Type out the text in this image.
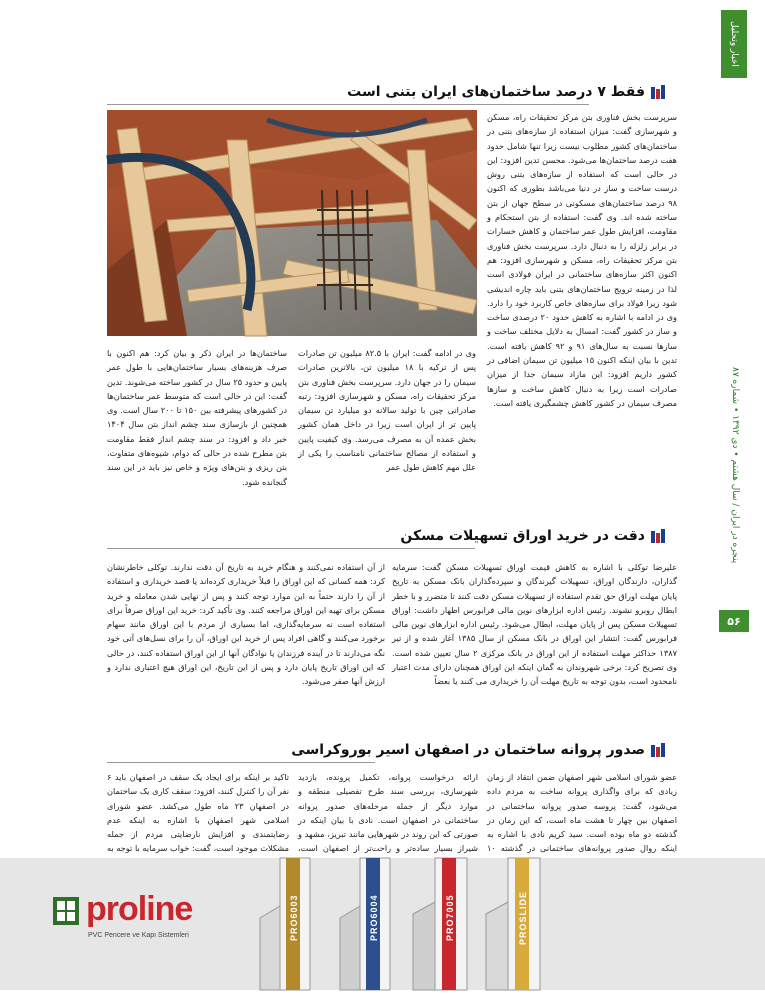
اخبار وتحلیل
پنجره در ایران / سال هشتم • دی ۱۳۹۲ • شماره ۸۷
۵۶
فقط ۷ درصد ساختمان‌های ایران بتنی است
سرپرست بخش فناوری بتن مرکز تحقیقات راه، مسکن و شهرسازی گفت: میزان استفاده از سازه‌های بتنی در ساختمان‌های کشور مطلوب نیست زیرا تنها شامل حدود هفت درصد ساختمان‌ها می‌شود. محسن تدین افزود: این در حالی است که استفاده از سازه‌های بتنی روش درست ساخت و ساز در دنیا می‌باشد بطوری که اکنون ۹۸ درصد ساختمان‌های مسکونی در سطح جهان از بتن ساخته شده اند. وی گفت: استفاده از بتن استحکام و مقاومت، افزایش طول عمر ساختمان و کاهش خسارات در برابر زلزله را به دنبال دارد. سرپرست بخش فناوری بتن مرکز تحقیقات راه، مسکن و شهرسازی افزود: هم اکنون اکثر سازه‌های ساختمانی در ایران فولادی است لذا در زمینه ترویج ساختمان‌های بتنی باید چاره اندیشی شود زیرا فولاد برای سازه‌های خاص کاربرد خود را دارد. وی در ادامه با اشاره به کاهش حدود ۲۰ درصدی ساخت و ساز در کشور گفت: امسال به دلایل مختلف ساخت و سازها نسبت به سال‌های ۹۱ و ۹۲ کاهش یافته است. تدین با بیان اینکه اکنون ۱۵ میلیون تن سیمان اضافی در کشور داریم افزود: این مازاد سیمان جدا از میزان صادرات است زیرا به دنبال کاهش ساخت و سازها مصرف سیمان در کشور کاهش چشمگیری یافته است.
وی در ادامه گفت: ایران با ۸۲.۵ میلیون تن صادرات پس از ترکیه با ۱۸ میلیون تن، بالاترین صادرات سیمان را در جهان دارد. سرپرست بخش فناوری بتن مرکز تحقیقات راه، مسکن و شهرسازی افزود: رتبه صادراتی چین با تولید سالانه دو میلیارد تن سیمان پایین تر از ایران است زیرا در داخل همان کشور بخش عمده آن به مصرف می‌رسد. وی کیفیت پایین و استفاده از مصالح ساختمانی نامناسب را یکی از علل مهم کاهش طول عمر
ساختمان‌ها در ایران ذکر و بیان کرد: هم اکنون با صرف هزینه‌های بسیار ساختمان‌هایی با طول عمر پایین و حدود ۲۵ سال در کشور ساخته می‌شوند. تدین گفت: این در حالی است که متوسط عمر ساختمان‌ها در کشورهای پیشرفته بین ۱۵۰ تا ۲۰۰ سال است. وی همچنین از بازسازی سند چشم انداز بتن سال ۱۴۰۴ خبر داد و افزود: در سند چشم انداز فقط مقاومت بتن مطرح شده در حالی که دوام، شیوه‌های متفاوت، بتن ریزی و بتن‌های ویژه و خاص نیز باید در این سند گنجانده شود.
دقت در خرید اوراق تسهیلات مسکن
علیرضا توکلی با اشاره به کاهش قیمت اوراق تسهیلات مسکن گفت: سرمایه گذاران، دارندگان اوراق، تسهیلات گیرندگان و سپرده‌گذاران بانک مسکن به تاریخ پایان مهلت اوراق حق تقدم استفاده از تسهیلات مسکن دقت کنند تا متضرر و با خطر ابطال روبرو نشوند. رئیس اداره ابزارهای نوین مالی فرابورس اظهار داشت: اوراق تسهیلات مسکن پس از پایان مهلت، ابطال می‌شود. رئیس اداره ابزارهای نوین مالی فرابورس گفت: انتشار این اوراق در بانک مسکن از سال ۱۳۸۵ آغاز شده و از تیر ۱۳۸۷ حداکثر مهلت استفاده از این اوراق در بانک مرکزی ۲ سال تعیین شده است. وی تصریح کرد: برخی شهروندان به گمان اینکه این اوراق همچنان دارای مدت اعتبار نامحدود است، بدون توجه به تاریخ مهلت آن را خریداری می کنند یا بعضاً
از آن استفاده نمی‌کنند و هنگام خرید به تاریخ آن دقت ندارند. توکلی خاطرنشان کرد: همه کسانی که این اوراق را قبلاً خریداری کرده‌اند یا قصد خریداری و استفاده از آن را دارند حتماً به این موارد توجه کنند و پس از نهایی شدن معامله و خرید مسکن برای تهیه این اوراق مراجعه کنند. وی تأکید کرد: خرید این اوراق صرفاً برای استفاده است نه سرمایه‌گذاری، اما بسیاری از مردم با این اوراق مانند سهام برخورد می‌کنند و گاهی افراد پس از خرید این اوراق، آن را برای نسل‌های آتی خود نگه می‌دارند تا در آینده فرزندان یا نوادگان آنها از این اوراق استفاده کنند، در حالی که این اوراق تاریخ پایان دارد و پس از این تاریخ، این اوراق هیچ اعتباری ندارد و ارزش آنها صفر می‌شود.
صدور پروانه ساختمان در اصفهان اسیر بوروکراسی
عضو شورای اسلامی شهر اصفهان ضمن انتقاد از زمان زیادی که برای واگذاری پروانه ساخت به مردم داده می‌شود، گفت: پروسه صدور پروانه ساختمانی در اصفهان بین چهار تا هشت ماه است، که این زمان در گذشته دو ماه بوده است. سید کریم نادی با اشاره به اینکه روال صدور پروانه‌های ساختمانی در گذشته ۱۰
ارائه درخواست پروانه، تکمیل پرونده، بازدید شهرسازی، بررسی سند طرح تفصیلی منطقه و موارد دیگر از جمله مرحله‌های صدور پروانه ساختمانی در اصفهان است. نادی با بیان اینکه در صورتی که این روند در شهرهایی مانند تبریز، مشهد و شیراز بسیار ساده‌تر و راحت‌تر از اصفهان است،
تاکید بر اینکه برای ایجاد یک سقف در اصفهان باید ۶ نفر آن را کنترل کنند، افزود: سقف کاری یک ساختمان در اصفهان ۲۳ ماه طول می‌کشد. عضو شورای اسلامی شهر اصفهان با اشاره به اینکه عدم رضایتمندی و افزایش نارضایتی مردم از جمله مشکلات موجود است، گفت: خواب سرمایه با توجه به
proline
PVC Pencere ve Kapı Sistemleri	PRO6003	PRO6004	PRO7005	PROSLIDE
